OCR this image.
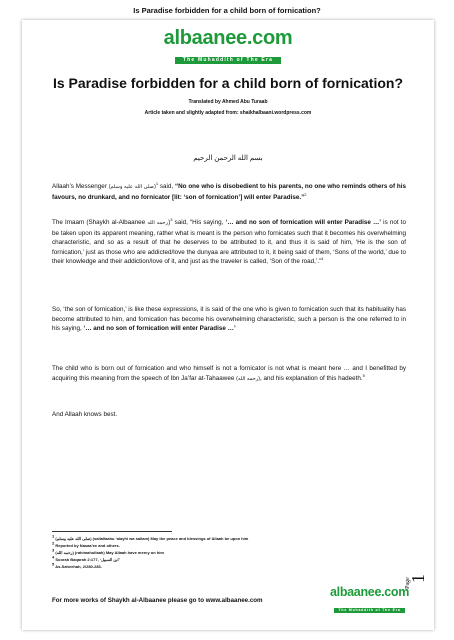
Is Paradise forbidden for a child born of fornication?
albaanee.com
The Muhaddith of The Era
Is Paradise forbidden for a child born of fornication?
Translated by Ahmed Abu Turaab
Article taken and slightly adapted from: shaikhalbaani.wordpress.com
بسم الله الرحمن الرحيم
Allaah’s Messenger (صلى الله عليه وسلم)$^1$ said, “No one who is disobedient to his parents, no one who reminds others of his favours, no drunkard, and no fornicator [lit: ‘son of fornication’] will enter Paradise.”$^2$
The Imaam (Shaykh al-Albaanee رحمه الله)$^3$ said, “His saying, ‘… and no son of fornication will enter Paradise …’ is not to be taken upon its apparent meaning, rather what is meant is the person who fornicates such that it becomes his overwhelming characteristic, and so as a result of that he deserves to be attributed to it, and thus it is said of him, ‘He is the son of fornication,’ just as those who are addicted/love the dunyaa are attributed to it, it being said of them, ‘Sons of the world,’ due to their knowledge and their addiction/love of it, and just as the traveler is called, ‘Son of the road,’.”$^4$
So, ‘the son of fornication,’ is like these expressions, it is said of the one who is given to fornication such that its habituality has become attributed to him, and fornication has become his overwhelming characteristic, such a person is the one referred to in his saying, ‘… and no son of fornication will enter Paradise …’
The child who is born out of fornication and who himself is not a fornicator is not what is meant here … and I benefitted by acquiring this meaning from the speech of Ibn Ja’far at-Tahaawee (رحمه الله), and his explanation of this hadeeth.$^5$
And Allaah knows best.
$^1$ (صلى الله عليه وسلم) (sallallaahu ‘alayhi wa sallam) May the peace and blessings of Allaah be upon him
$^2$ Reported by Nasaa’ee and others.
$^3$ (رحمه الله) (rahimahullaah) May Allaah have mercy on him
$^4$ Soorah Baqarah 2:177, ‘ابن السبيل’
$^5$ As-Saheehah, 2/280-283.
For more works of Shaykh al-Albaanee please go to www.albaanee.com
albaanee.com
The Muhaddith of The Era
Page
1
